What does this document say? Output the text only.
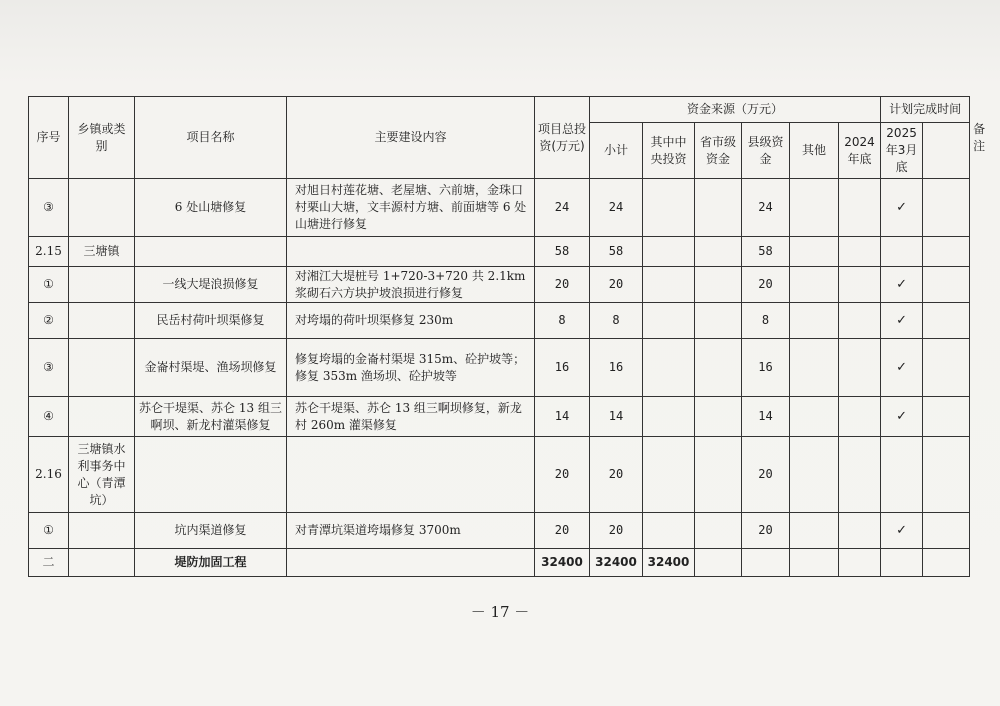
序号	乡镇或类别	项目名称	主要建设内容	项目总投资(万元)	资金来源（万元）						计划完成时间		备注
					小计	其中中央投资	省市级资金	县级资金	其他	2024年底	2025年3月底		
③		6 处山塘修复	对旭日村莲花塘、老屋塘、六前塘，金珠口村栗山大塘，文丰源村方塘、前面塘等 6 处山塘进行修复	24	24			24			✓		
2.15	三塘镇			58	58			58					
①		一线大堤浪损修复	对湘江大堤桩号 1+720-3+720 共 2.1km 浆砌石六方块护坡浪损进行修复	20	20			20			✓		
②		民岳村荷叶坝渠修复	对垮塌的荷叶坝渠修复 230m	8	8			8			✓		
③		金崙村渠堤、渔场坝修复	修复垮塌的金崙村渠堤 315m、砼护坡等；修复 353m 渔场坝、砼护坡等	16	16			16			✓		
④		苏仑干堤渠、苏仑 13 组三啊坝、新龙村灌渠修复	苏仑干堤渠、苏仑 13 组三啊坝修复，新龙村 260m 灌渠修复	14	14			14			✓		
2.16	三塘镇水利事务中心（青潭坑）			20	20			20					
①		坑内渠道修复	对青潭坑渠道垮塌修复 3700m	20	20			20			✓		
二		堤防加固工程		32400	32400	32400							
－ 17 －
